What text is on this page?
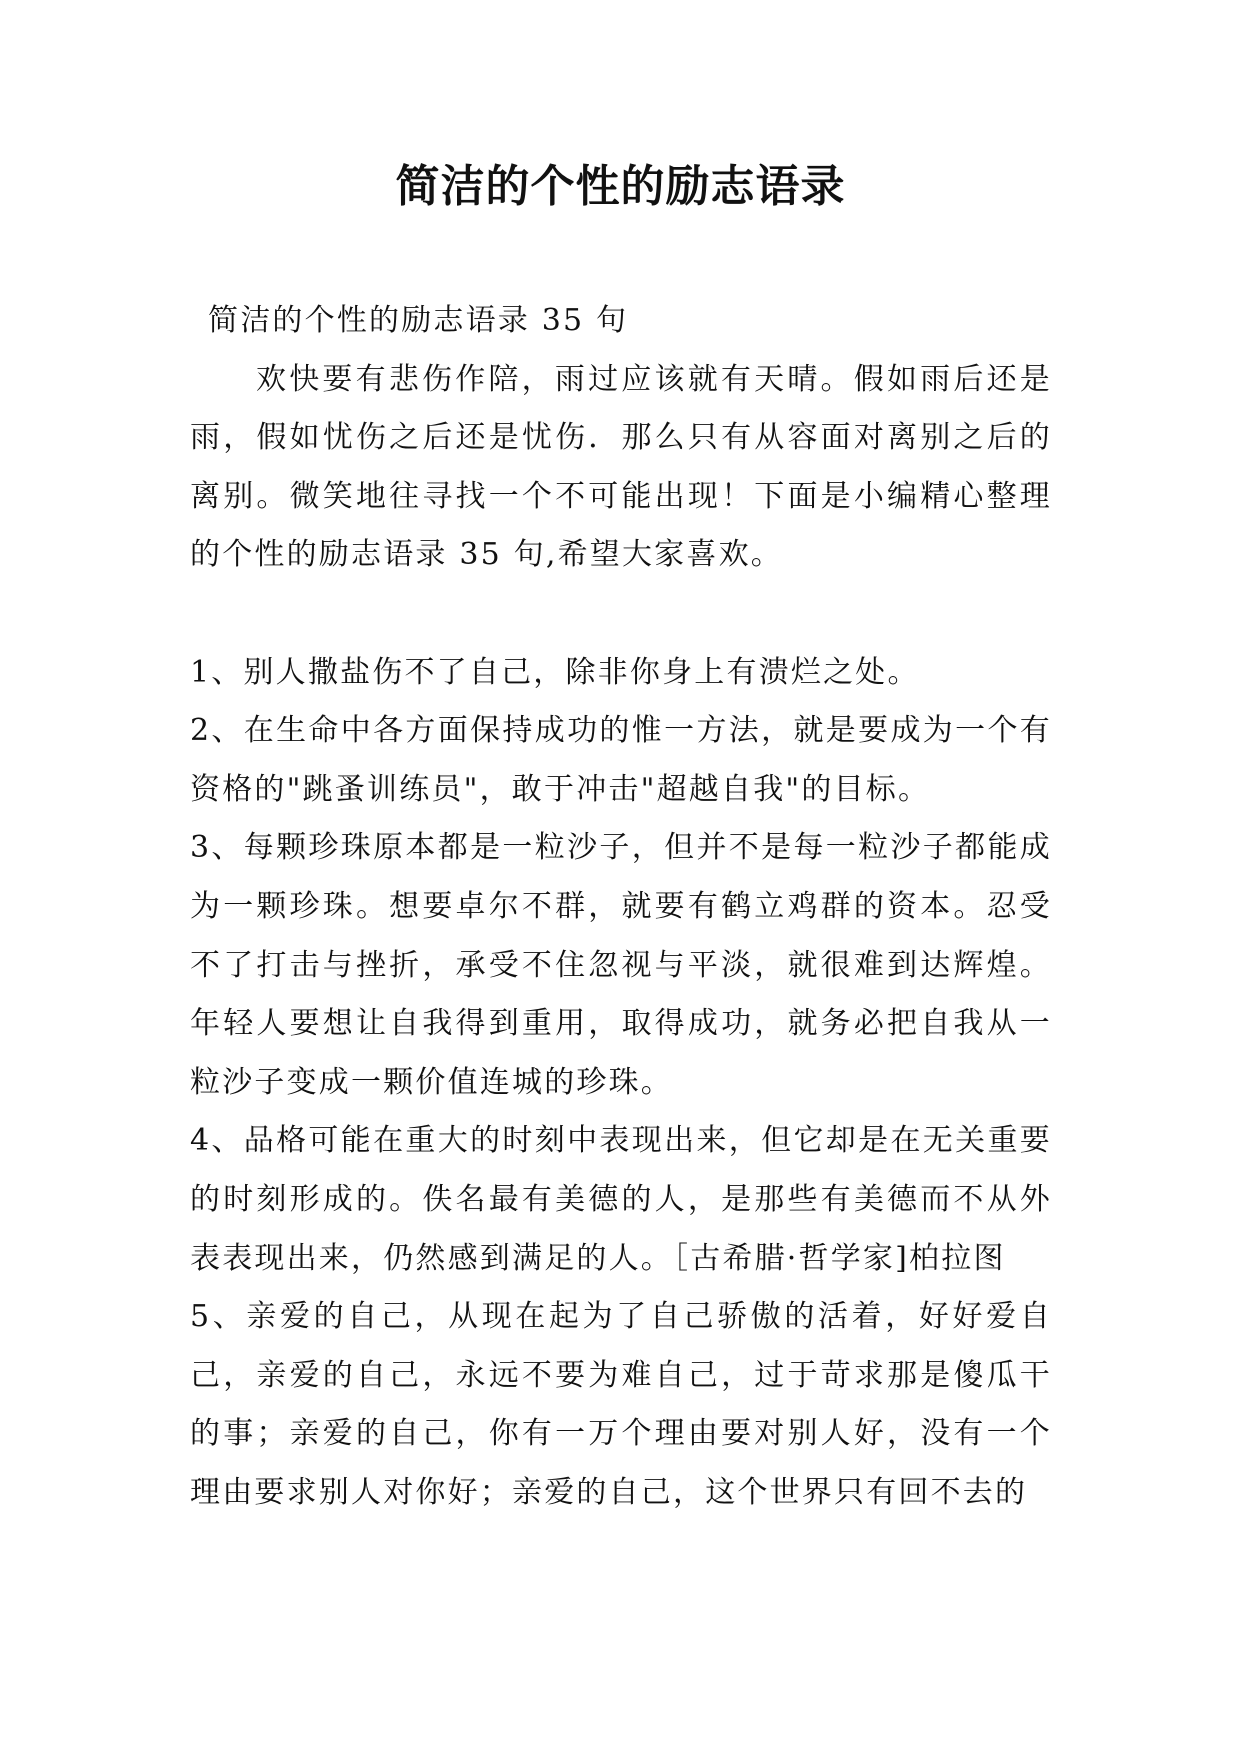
简洁的个性的励志语录

简洁的个性的励志语录 35 句

欢快要有悲伤作陪，雨过应该就有天晴。假如雨后还是雨，假如忧伤之后还是忧伤．那么只有从容面对离别之后的离别。微笑地往寻找一个不可能出现！下面是小编精心整理的个性的励志语录 35 句,希望大家喜欢。

1、别人撒盐伤不了自己，除非你身上有溃烂之处。

2、在生命中各方面保持成功的惟一方法，就是要成为一个有资格的"跳蚤训练员"，敢于冲击"超越自我"的目标。

3、每颗珍珠原本都是一粒沙子，但并不是每一粒沙子都能成为一颗珍珠。想要卓尔不群，就要有鹤立鸡群的资本。忍受不了打击与挫折，承受不住忽视与平淡，就很难到达辉煌。年轻人要想让自我得到重用，取得成功，就务必把自我从一粒沙子变成一颗价值连城的珍珠。

4、品格可能在重大的时刻中表现出来，但它却是在无关重要的时刻形成的。佚名最有美德的人，是那些有美德而不从外表表现出来，仍然感到满足的人。［古希腊·哲学家]柏拉图

5、亲爱的自己，从现在起为了自己骄傲的活着，好好爱自己，亲爱的自己，永远不要为难自己，过于苛求那是傻瓜干的事；亲爱的自己，你有一万个理由要对别人好，没有一个理由要求别人对你好；亲爱的自己，这个世界只有回不去的
